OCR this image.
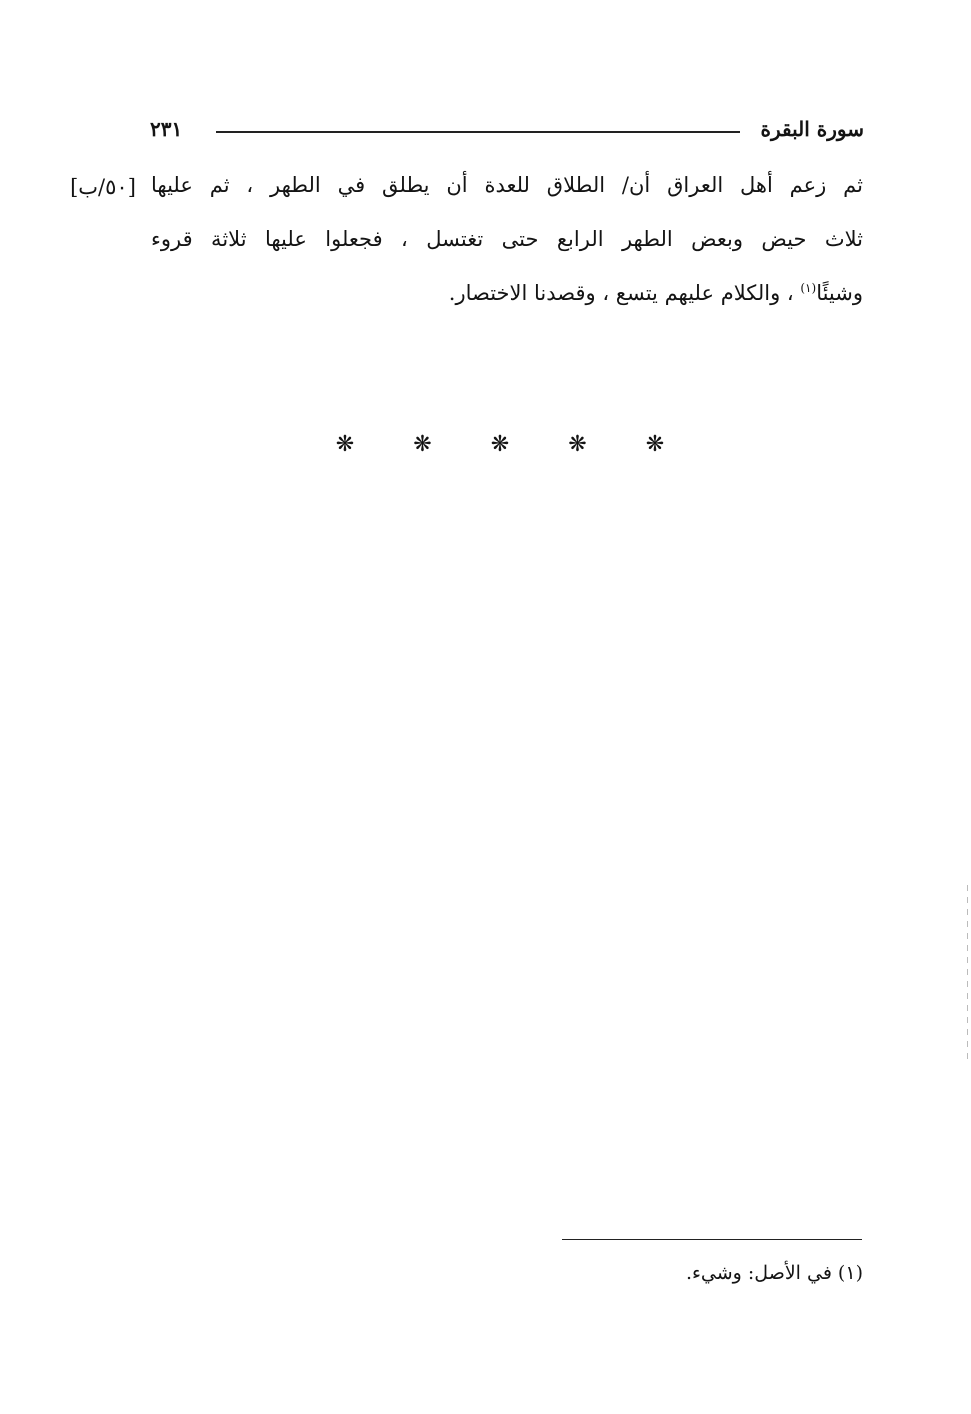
سورة البقرة
٢٣١
[٥٠/ب] ثم زعم أهل العراق أن/ الطلاق للعدة أن يطلق في الطهر ، ثم عليها
ثلاث حيض وبعض الطهر الرابع حتى تغتسل ، فجعلوا عليها ثلاثة قروء
وشيئًا$^{(١)}$ ، والكلام عليهم يتسع ، وقصدنا الاختصار.
❋	❋	❋	❋	❋
(١) في الأصل: وشيء.
